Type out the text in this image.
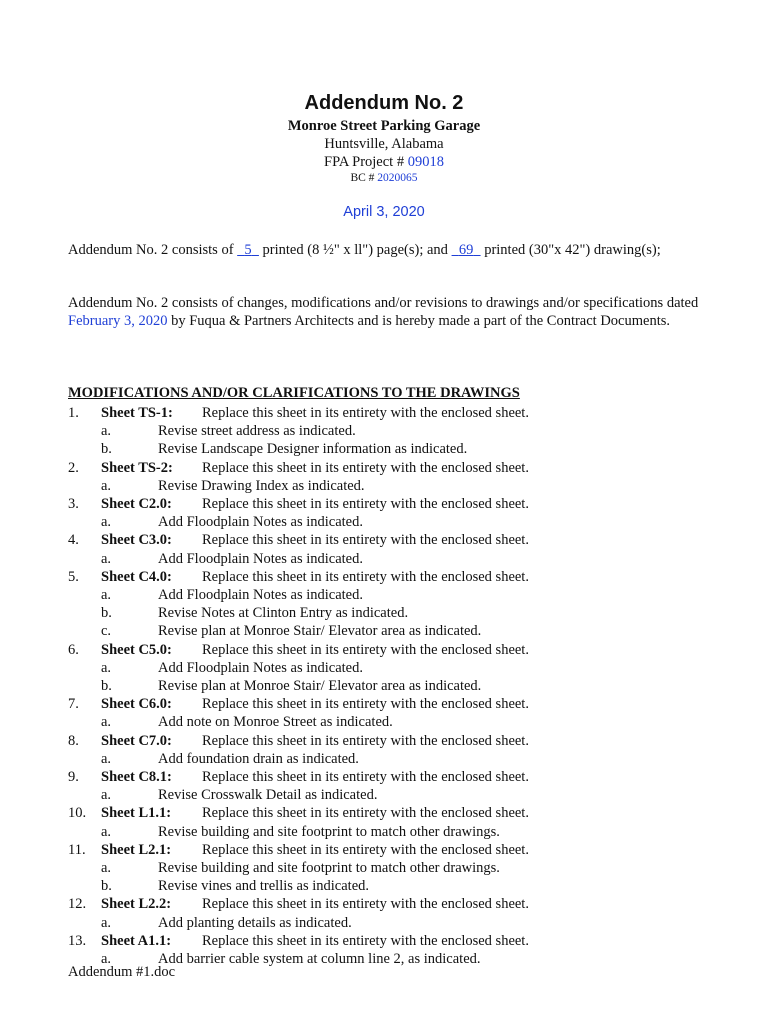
Addendum No. 2
Monroe Street Parking Garage
Huntsville, Alabama
FPA Project # 09018
BC # 2020065
April 3, 2020
Addendum No. 2 consists of   5   printed (8 ½" x ll") page(s); and   69   printed (30"x 42") drawing(s);
Addendum No. 2 consists of changes, modifications and/or revisions to drawings and/or specifications dated February 3, 2020 by Fuqua & Partners Architects and is hereby made a part of the Contract Documents.
MODIFICATIONS AND/OR CLARIFICATIONS TO THE DRAWINGS
1. Sheet TS-1: Replace this sheet in its entirety with the enclosed sheet.
a.	Revise street address as indicated.
b.	Revise Landscape Designer information as indicated.
2. Sheet TS-2: Replace this sheet in its entirety with the enclosed sheet.
a.	Revise Drawing Index as indicated.
3. Sheet C2.0: Replace this sheet in its entirety with the enclosed sheet.
a.	Add Floodplain Notes as indicated.
4. Sheet C3.0: Replace this sheet in its entirety with the enclosed sheet.
a.	Add Floodplain Notes as indicated.
5. Sheet C4.0: Replace this sheet in its entirety with the enclosed sheet.
a.	Add Floodplain Notes as indicated.
b.	Revise Notes at Clinton Entry as indicated.
c.	Revise plan at Monroe Stair/ Elevator area as indicated.
6. Sheet C5.0: Replace this sheet in its entirety with the enclosed sheet.
a.	Add Floodplain Notes as indicated.
b.	Revise plan at Monroe Stair/ Elevator area as indicated.
7. Sheet C6.0: Replace this sheet in its entirety with the enclosed sheet.
a.	Add note on Monroe Street as indicated.
8. Sheet C7.0: Replace this sheet in its entirety with the enclosed sheet.
a.	Add foundation drain as indicated.
9. Sheet C8.1: Replace this sheet in its entirety with the enclosed sheet.
a.	Revise Crosswalk Detail as indicated.
10. Sheet L1.1: Replace this sheet in its entirety with the enclosed sheet.
a.	Revise building and site footprint to match other drawings.
11. Sheet L2.1: Replace this sheet in its entirety with the enclosed sheet.
a.	Revise building and site footprint to match other drawings.
b.	Revise vines and trellis as indicated.
12. Sheet L2.2: Replace this sheet in its entirety with the enclosed sheet.
a.	Add planting details as indicated.
13. Sheet A1.1: Replace this sheet in its entirety with the enclosed sheet.
a.	Add barrier cable system at column line 2, as indicated.
Addendum #1.doc
